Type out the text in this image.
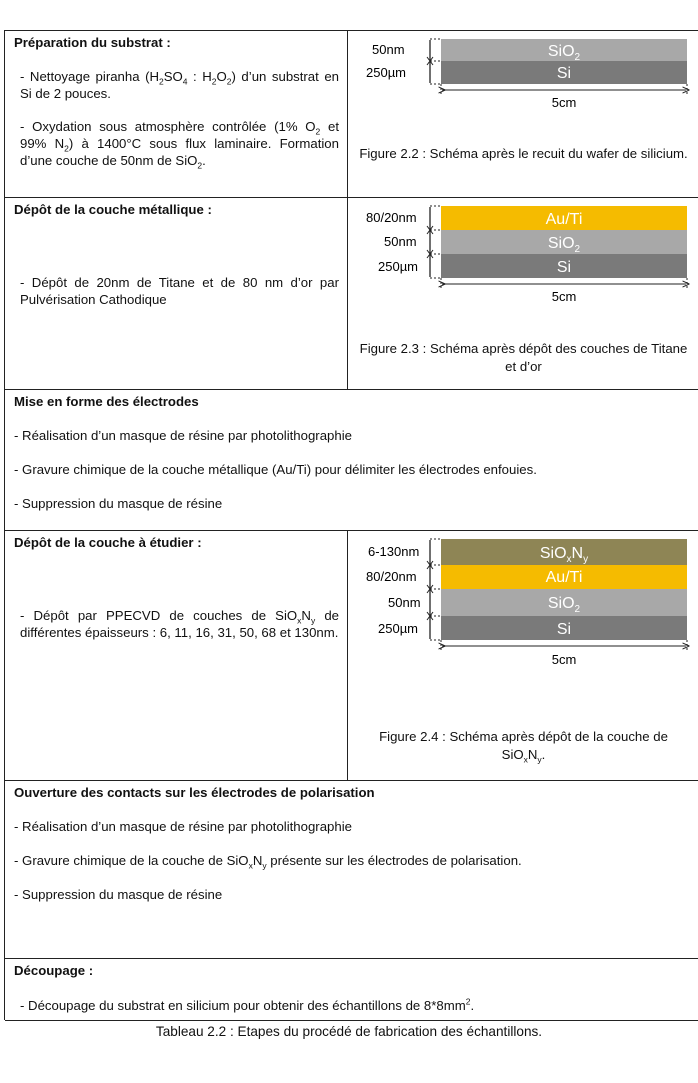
Préparation du substrat :

- Nettoyage piranha ($H_2SO_4$ : $H_2O_2$) d’un substrat en Si de 2 pouces.

- Oxydation sous atmosphère contrôlée (1% $O_2$ et 99% $N_2$) à 1400°C sous flux laminaire. Formation d’une couche de 50nm de SiO$_2$.

SiO$_2$
Si
50nm
250µm
5cm
Figure 2.2 : Schéma après le recuit du wafer de silicium.

Dépôt de la couche métallique :

- Dépôt de 20nm de Titane et de 80 nm d’or par Pulvérisation Cathodique

Au/Ti
SiO$_2$
Si
80/20nm
50nm
250µm
5cm
Figure 2.3 : Schéma après dépôt des couches de Titane et d’or

Mise en forme des électrodes

- Réalisation d’un masque de résine par photolithographie

- Gravure chimique de la couche métallique (Au/Ti) pour délimiter les électrodes enfouies.

- Suppression du masque de résine

Dépôt de la couche à étudier :

- Dépôt par PPECVD de couches de $SiO_xN_y$ de différentes épaisseurs : 6, 11, 16, 31, 50, 68 et 130nm.

$SiO_xN_y$
Au/Ti
SiO$_2$
Si
6-130nm
80/20nm
50nm
250µm
5cm
Figure 2.4 : Schéma après dépôt de la couche de $SiO_xN_y$.

Ouverture des contacts sur les électrodes de polarisation

- Réalisation d’un masque de résine par photolithographie

- Gravure chimique de la couche de $SiO_xN_y$ présente sur les électrodes de polarisation.

- Suppression du masque de résine

Découpage :

- Découpage du substrat en silicium pour obtenir des échantillons de $8*8mm^2$.

Tableau 2.2 : Etapes du procédé de fabrication des échantillons.
